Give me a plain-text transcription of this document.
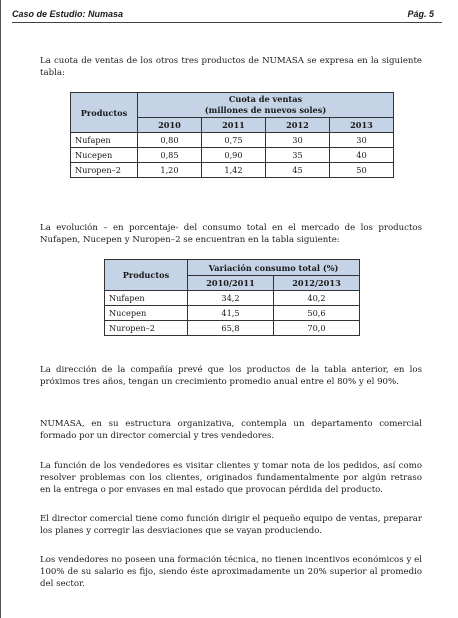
Caso de Estudio: Numasa	Pág. 5

La cuota de ventas de los otros tres productos de NUMASA se expresa en la siguiente tabla:

Productos	Cuota de ventas
(millones de nuevos soles)			
	2010	2011	2012	2013
Nufapen	0,80	0,75	30	30
Nucepen	0,85	0,90	35	40
Nuropen–2	1,20	1,42	45	50

La evolución – en porcentaje- del consumo total en el mercado de los productos Nufapen, Nucepen y Nuropen–2 se encuentran en la tabla siguiente:

Productos	Variación consumo total (%)	
	2010/2011	2012/2013
Nufapen	34,2	40,2
Nucepen	41,5	50,6
Nuropen–2	65,8	70,0

La dirección de la compañía prevé que los productos de la tabla anterior, en los próximos tres años, tengan un crecimiento promedio anual entre el 80% y el 90%.

NUMASA, en su estructura organizativa, contempla un departamento comercial formado por un director comercial y tres vendedores.

La función de los vendedores es visitar clientes y tomar nota de los pedidos, así como resolver problemas con los clientes, originados fundamentalmente por algún retraso en la entrega o por envases en mal estado que provocan pérdida del producto.

El director comercial tiene como función dirigir el pequeño equipo de ventas, preparar los planes y corregir las desviaciones que se vayan produciendo.

Los vendedores no poseen una formación técnica, no tienen incentivos económicos y el 100% de su salario es fijo, siendo éste aproximadamente un 20% superior al promedio del sector.
